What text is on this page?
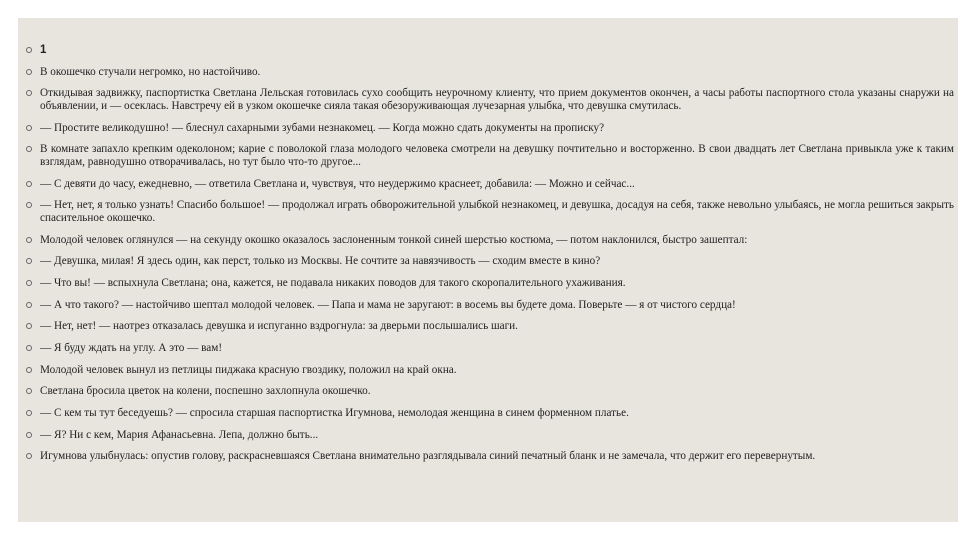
1
В окошечко стучали негромко, но настойчиво.
Откидывая задвижку, паспортистка Светлана Лельская готовилась сухо сообщить неурочному клиенту, что прием документов окончен, а часы работы паспортного стола указаны снаружи на объявлении, и — осеклась. Навстречу ей в узком окошечке сияла такая обезоруживающая лучезарная улыбка, что девушка смутилась.
— Простите великодушно! — блеснул сахарными зубами незнакомец. — Когда можно сдать документы на прописку?
В комнате запахло крепким одеколоном; карие с поволокой глаза молодого человека смотрели на девушку почтительно и восторженно. В свои двадцать лет Светлана привыкла уже к таким взглядам, равнодушно отворачивалась, но тут было что-то другое...
— С девяти до часу, ежедневно, — ответила Светлана и, чувствуя, что неудержимо краснеет, добавила: — Можно и сейчас...
— Нет, нет, я только узнать! Спасибо большое! — продолжал играть обворожительной улыбкой незнакомец, и девушка, досадуя на себя, также невольно улыбаясь, не могла решиться закрыть спасительное окошечко.
Молодой человек оглянулся — на секунду окошко оказалось заслоненным тонкой синей шерстью костюма, — потом наклонился, быстро зашептал:
— Девушка, милая! Я здесь один, как перст, только из Москвы. Не сочтите за навязчивость — сходим вместе в кино?
— Что вы! — вспыхнула Светлана; она, кажется, не подавала никаких поводов для такого скоропалительного ухаживания.
— А что такого? — настойчиво шептал молодой человек. — Папа и мама не заругают: в восемь вы будете дома. Поверьте — я от чистого сердца!
— Нет, нет! — наотрез отказалась девушка и испуганно вздрогнула: за дверьми послышались шаги.
— Я буду ждать на углу. А это — вам!
Молодой человек вынул из петлицы пиджака красную гвоздику, положил на край окна.
Светлана бросила цветок на колени, поспешно захлопнула окошечко.
— С кем ты тут беседуешь? — спросила старшая паспортистка Игумнова, немолодая женщина в синем форменном платье.
— Я? Ни с кем, Мария Афанасьевна. Лепа, должно быть...
Игумнова улыбнулась: опустив голову, раскрасневшаяся Светлана внимательно разглядывала синий печатный бланк и не замечала, что держит его перевернутым.
